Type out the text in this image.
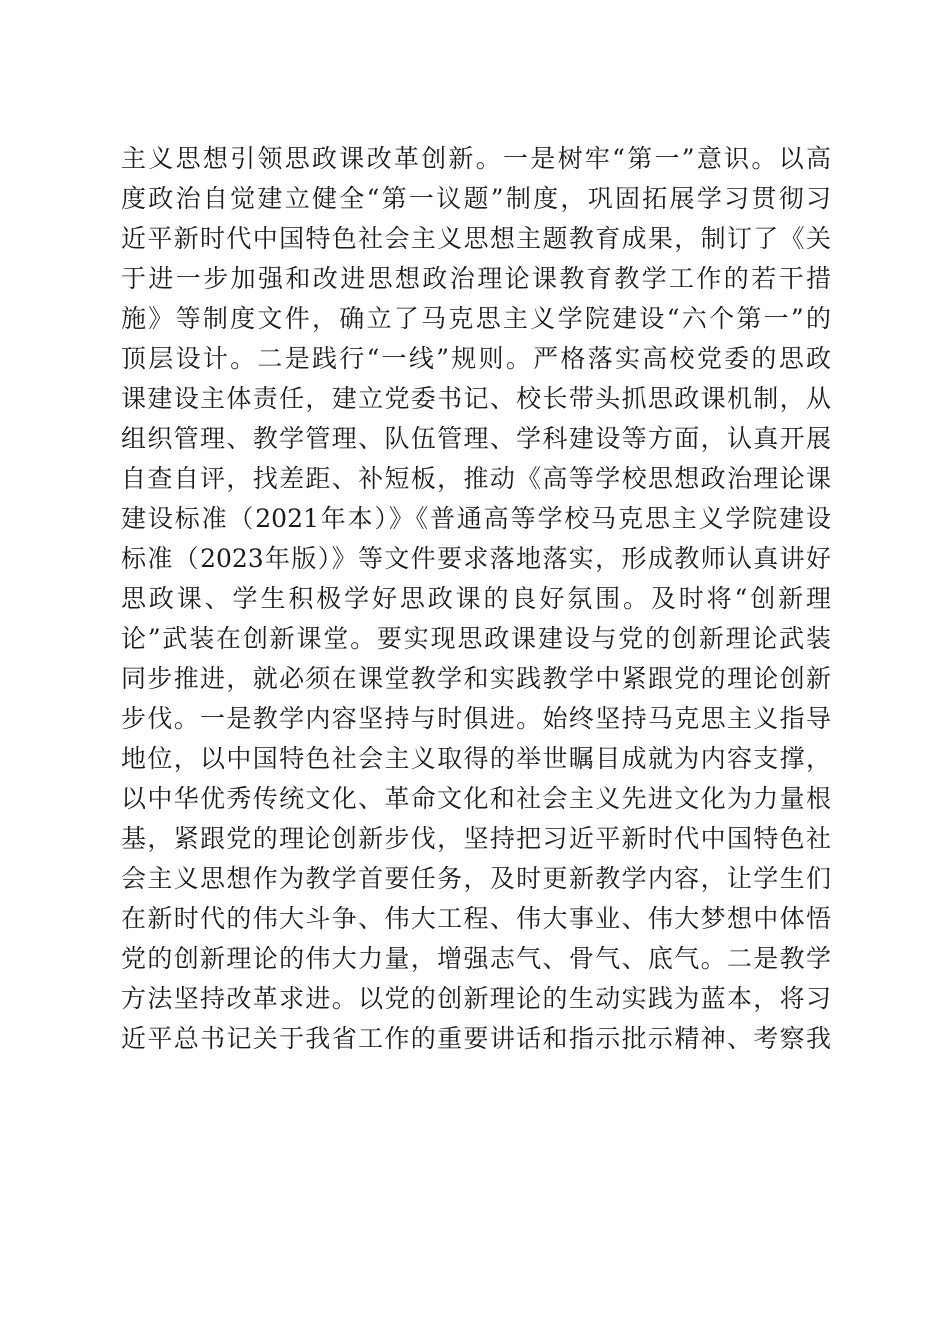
主义思想引领思政课改革创新。一是树牢“第一”意识。以高
度政治自觉建立健全“第一议题”制度，巩固拓展学习贯彻习
近平新时代中国特色社会主义思想主题教育成果，制订了《关
于进一步加强和改进思想政治理论课教育教学工作的若干措
施》等制度文件，确立了马克思主义学院建设“六个第一”的
顶层设计。二是践行“一线”规则。严格落实高校党委的思政
课建设主体责任，建立党委书记、校长带头抓思政课机制，从
组织管理、教学管理、队伍管理、学科建设等方面，认真开展
自查自评，找差距、补短板，推动《高等学校思想政治理论课
建设标准（2021年本）》《普通高等学校马克思主义学院建设
标准（2023年版）》等文件要求落地落实，形成教师认真讲好
思政课、学生积极学好思政课的良好氛围。及时将“创新理
论”武装在创新课堂。要实现思政课建设与党的创新理论武装
同步推进，就必须在课堂教学和实践教学中紧跟党的理论创新
步伐。一是教学内容坚持与时俱进。始终坚持马克思主义指导
地位，以中国特色社会主义取得的举世瞩目成就为内容支撑，
以中华优秀传统文化、革命文化和社会主义先进文化为力量根
基，紧跟党的理论创新步伐，坚持把习近平新时代中国特色社
会主义思想作为教学首要任务，及时更新教学内容，让学生们
在新时代的伟大斗争、伟大工程、伟大事业、伟大梦想中体悟
党的创新理论的伟大力量，增强志气、骨气、底气。二是教学
方法坚持改革求进。以党的创新理论的生动实践为蓝本，将习
近平总书记关于我省工作的重要讲话和指示批示精神、考察我
